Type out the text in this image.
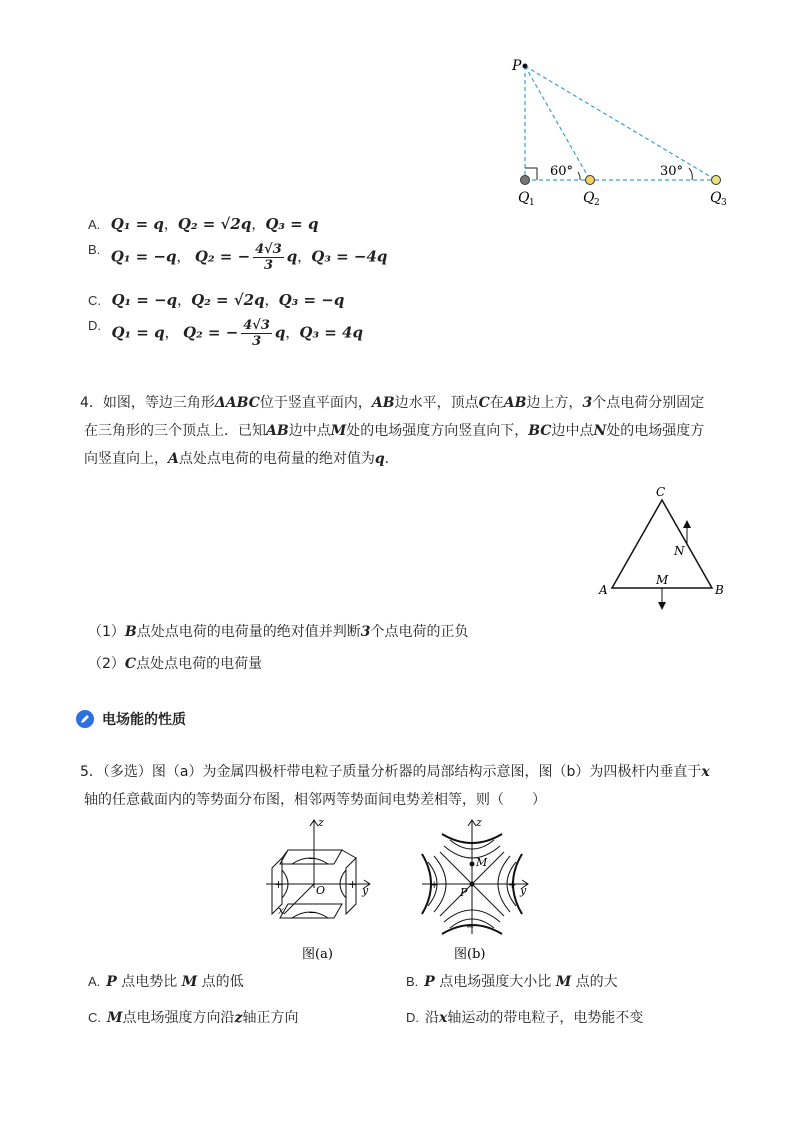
P
60°	30°
Q 1	Q 2	Q 3
A. Q₁ = q，Q₂ = √2q，Q₃ = q
B. Q₁ = −q， Q₂ = − $\frac{4√3}{3}$ q，Q₃ = −4q
C. Q₁ = −q，Q₂ = √2q，Q₃ = −q
D. Q₁ = q， Q₂ = − $\frac{4√3}{3}$ q，Q₃ = 4q
4．如图，等边三角形ΔABC位于竖直平面内，AB边水平，顶点C在AB边上方，3个点电荷分别固定
在三角形的三个顶点上．已知AB边中点M处的电场强度方向竖直向下，BC边中点N处的电场强度方
向竖直向上，A点处点电荷的电荷量的绝对值为q．
C
A	B
M
N
（1）B点处点电荷的电荷量的绝对值并判断3个点电荷的正负
（2）C点处点电荷的电荷量
电场能的性质
5．（多选）图（a）为金属四极杆带电粒子质量分析器的局部结构示意图，图（b）为四极杆内垂直于x
轴的任意截面内的等势面分布图，相邻两等势面间电势差相等，则（　　）
−
−
+	+
z
y
x
O
图(a)
−
−
+	+
z
y
P
M
图(b)
A. P 点电势比 M 点的低	B. P 点电场强度大小比 M 点的大
C. M点电场强度方向沿z轴正方向	D. 沿x轴运动的带电粒子，电势能不变
